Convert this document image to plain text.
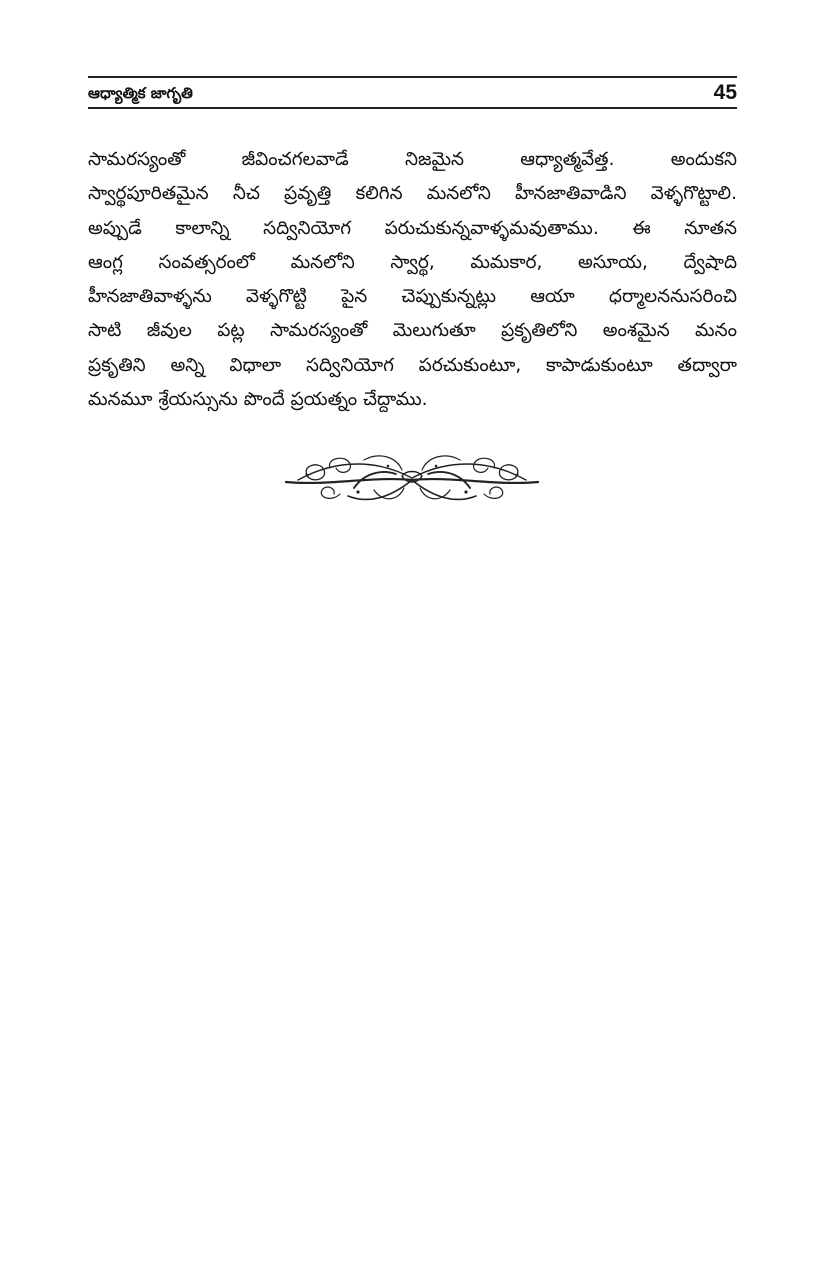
ఆధ్యాత్మిక జాగృతి	45
సామరస్యంతో జీవించగలవాడే నిజమైన ఆధ్యాత్మవేత్త. అందుకని
స్వార్థపూరితమైన నీచ ప్రవృత్తి కలిగిన మనలోని హీనజాతివాడిని వెళ్ళగొట్టాలి.
అప్పుడే కాలాన్ని సద్వినియోగ పరుచుకున్నవాళ్ళమవుతాము. ఈ నూతన
ఆంగ్ల సంవత్సరంలో మనలోని స్వార్థ, మమకార, అసూయ, ద్వేషాది
హీనజాతివాళ్ళను వెళ్ళగొట్టి పైన చెప్పుకున్నట్లు ఆయా ధర్మాలననుసరించి
సాటి జీవుల పట్ల సామరస్యంతో మెలుగుతూ ప్రకృతిలోని అంశమైన మనం
ప్రకృతిని అన్ని విధాలా సద్వినియోగ పరచుకుంటూ, కాపాడుకుంటూ తద్వారా
మనమూ శ్రేయస్సును పొందే ప్రయత్నం చేద్దాము.
